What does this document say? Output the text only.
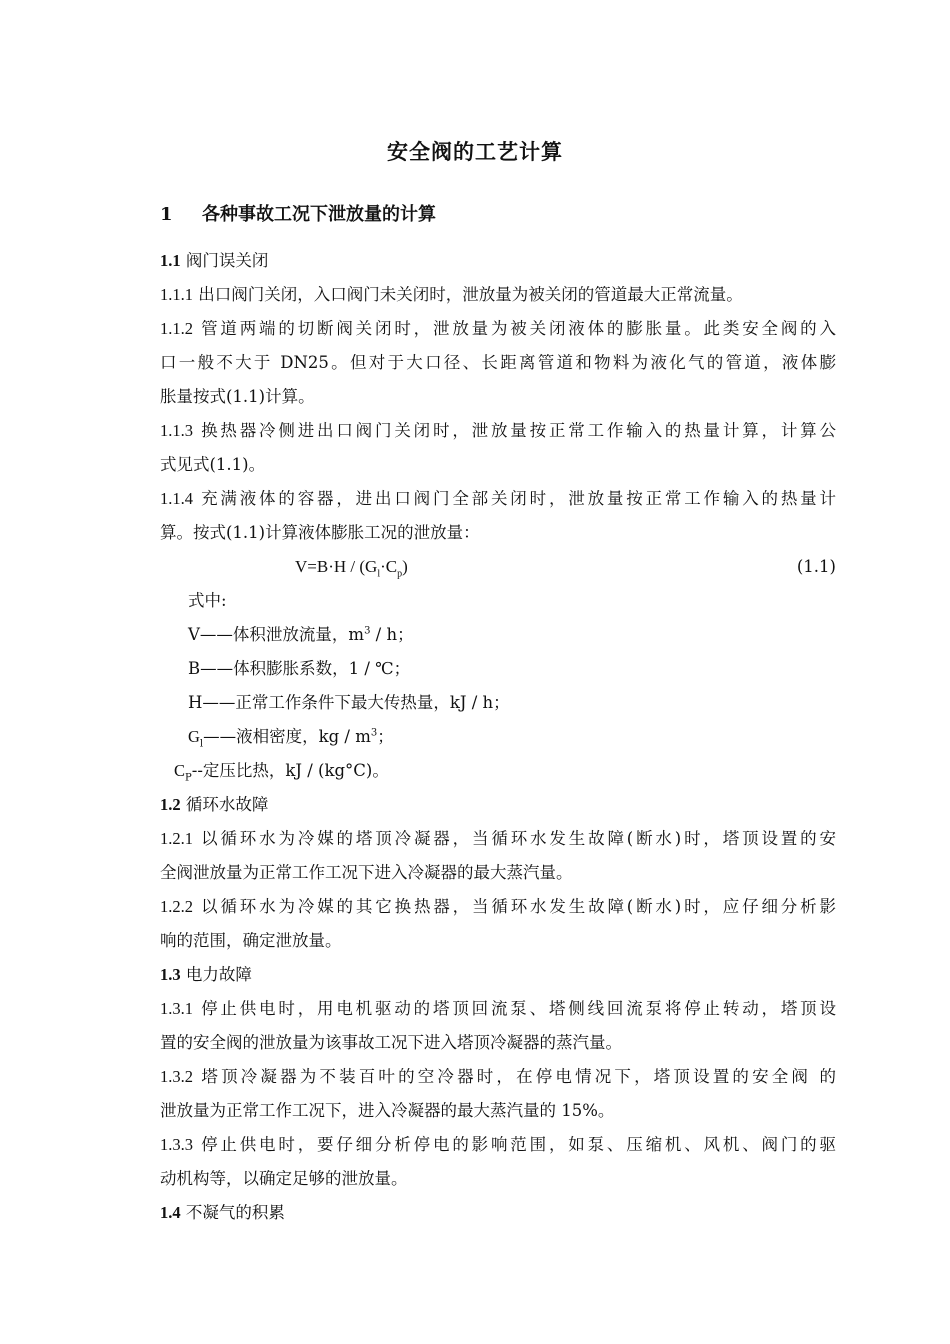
安全阀的工艺计算
1	各种事故工况下泄放量的计算

1.1 阀门误关闭

1.1.1 出口阀门关闭，入口阀门未关闭时，泄放量为被关闭的管道最大正常流量。

1.1.2 管道两端的切断阀关闭时，泄放量为被关闭液体的膨胀量。此类安全阀的入

口一般不大于 DN25。但对于大口径、长距离管道和物料为液化气的管道，液体膨

胀量按式(1.1)计算。

1.1.3 换热器冷侧进出口阀门关闭时，泄放量按正常工作输入的热量计算，计算公

式见式(1.1)。

1.1.4 充满液体的容器，进出口阀门全部关闭时，泄放量按正常工作输入的热量计

算。按式(1.1)计算液体膨胀工况的泄放量：

$V=B\cdot H / (G_l\cdot C_p)$	(1.1)

式中:

V——体积泄放流量，$m^3$ / h；

B——体积膨胀系数，1 / ℃；

H——正常工作条件下最大传热量，kJ / h；

$G_l——$液相密度，kg / $m^3$；

$C_P--$定压比热，kJ / (kg°C)。

1.2 循环水故障

1.2.1 以循环水为冷媒的塔顶冷凝器，当循环水发生故障(断水)时，塔顶设置的安

全阀泄放量为正常工作工况下进入冷凝器的最大蒸汽量。

1.2.2 以循环水为冷媒的其它换热器，当循环水发生故障(断水)时，应仔细分析影

响的范围，确定泄放量。

1.3 电力故障

1.3.1 停止供电时，用电机驱动的塔顶回流泵、塔侧线回流泵将停止转动，塔顶设

置的安全阀的泄放量为该事故工况下进入塔顶冷凝器的蒸汽量。

1.3.2 塔顶冷凝器为不装百叶的空冷器时，在停电情况下，塔顶设置的安全阀 的

泄放量为正常工作工况下，进入冷凝器的最大蒸汽量的 15%。

1.3.3 停止供电时，要仔细分析停电的影响范围，如泵、压缩机、风机、阀门的驱

动机构等，以确定足够的泄放量。

1.4 不凝气的积累
